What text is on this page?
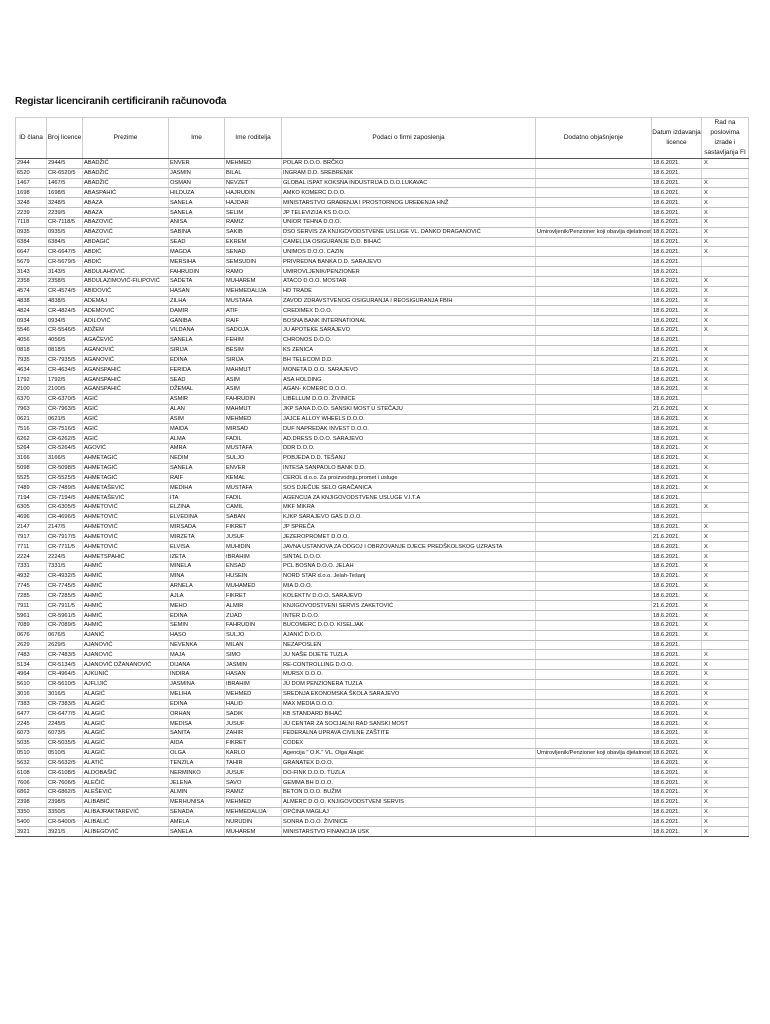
Registar licenciranih certificiranih računovođa
ID člana	Broj licence	Prezime	Ime	Ime roditelja	Podaci o firmi zaposlenja	Dodatno objašnjenje	Datum izdavanja licence	Rad na poslovima izrade i sastavljanja FI
2944	2944/5	ABADŽIĆ	ENVER	MEHMED	POLAR D.O.O. BRČKO		18.6.2021.	X
6520	CR-6520/5	ABADŽIĆ	JASMIN	BILAL	INGRAM D.D. SREBRENIK		18.6.2021.	
1467	1467/5	ABADŽIĆ	OSMAN	NEVZET	GLOBAL ISPAT KOKSNA INDUSTRIJA D.O.O.LUKAVAC		18.6.2021.	X
1698	1698/5	ABASPAHIĆ	HILDUZA	HAJRUDIN	AMKO KOMERC D.O.O.		18.6.2021.	X
3248	3248/5	ABAZA	SANELA	HAJDAR	MINISTARSTVO GRAĐENJA I PROSTORNOG UREĐENJA HNŽ		18.6.2021.	X
2239	2239/5	ABAZA	SANELA	SELIM	JP TELEVIZIJA KS D.O.O.		18.6.2021.	X
7118	CR-7118/5	ABAZOVIĆ	ANISA	RAMIZ	UNIOR TEHNA D.O.O.		18.6.2021.	X
0935	0935/5	ABAZOVIĆ	SABINA	SAKIB	DSO SERVIS ZA KNJIGOVODSTVENE USLUGE VL. DANKO DRAGANOVIĆ	Umirovljenik/Penzioner koji obavlja djelatnost	18.6.2021.	X
6384	6384/5	ABDAGIĆ	SEAD	EKREM	CAMELIJA OSIGURANJE D.D. BIHAĆ		18.6.2021.	X
6647	CR-6647/5	ABDIĆ	MAGDA	SENAD	UNIMOS D.O.O. CAZIN		18.6.2021.	X
5679	CR-5679/5	ABDIĆ	MERSIHA	SEMSUDIN	PRIVREDNA BANKA D.D. SARAJEVO		18.6.2021.	
3143	3143/5	ABDULAHOVIĆ	FAHRUDIN	RAMO	UMIROVLJENIK/PENZIONER		18.6.2021.	
2358	2358/5	ABDULAZIMOVIĆ-FILIPOVIĆ	SADETA	MUHAREM	ATACO D.O.O. MOSTAR		18.6.2021.	X
4574	CR-4574/5	ABIDOVIĆ	HASAN	MEHMEDALIJA	HD TRADE		18.6.2021.	X
4838	4838/5	ADEMAJ	ZILHA	MUSTAFA	ZAVOD ZDRAVSTVENOG OSIGURANJA I REOSIGURANJA FBIH		18.6.2021.	X
4824	CR-4824/5	ADEMOVIĆ	DAMIR	ATIF	CREDIMEX D.O.O.		18.6.2021.	X
0934	0934/5	ADILOVIĆ	GANIBA	RAIF	BOSNA BANK INTERNATIONAL		18.6.2021.	X
5546	CR-5546/5	ADŽEM	VILDANA	SADOJA	JU APOTEKE SARAJEVO		18.6.2021.	X
4056	4056/5	AGAČEVIĆ	SANELA	FEHIM	CHRONOS D.O.O.		18.6.2021.	
0818	0818/5	AGANOVIĆ	SIRIJA	BESIM	KS ZENICA		18.6.2021.	X
7935	CR-7935/5	AGANOVIĆ	EDINA	SIRIJA	BH TELECOM D.D.		21.6.2021.	X
4634	CR-4634/5	AGANSPAHIĆ	FERIDA	MAHMUT	MONETA D.O.O. SARAJEVO		18.6.2021.	X
1792	1792/5	AGANSPAHIĆ	SEAD	ASIM	ASA HOLDING		18.6.2021.	X
2100	2100/5	AGANSPAHIĆ	DŽEMAL	ASIM	AGAN- KOMERC D.O.O.		18.6.2021.	X
6370	CR-6370/5	AGIĆ	ASMIR	FAHRUDIN	LIBELLUM D.O.O. ŽIVINICE		18.6.2021.	
7963	CR-7963/5	AGIĆ	ALAN	MAHMUT	JKP SANA D.O.O. SANSKI MOST U STEČAJU		21.6.2021.	X
0621	0621/5	AGIĆ	ASIM	MEHMED	JAJCE ALLOY WHEELS D.O.O.		18.6.2021.	X
7516	CR-7516/5	AGIĆ	MAIDA	MIRSAD	DUF NAPREDAK INVEST D.O.O.		18.6.2021.	X
6262	CR-6262/5	AGIĆ	ALMA	FADIL	AD.DRESS D.O.O. SARAJEVO		18.6.2021.	X
5264	CR-5264/5	AGOVIĆ	AMRA	MUSTAFA	DDR D.O.O.		18.6.2021.	X
3166	3166/5	AHMETAGIĆ	NEDIM	SULJO	POBJEDA D.D. TEŠANJ		18.6.2021.	X
5098	CR-5098/5	AHMETAGIĆ	SANELA	ENVER	INTESA SANPAOLO BANK D.D.		18.6.2021.	X
5525	CR-5525/5	AHMETAGIĆ	RAIF	KEMAL	CEROL d.o.o. Za proizvodnju,promet i usluge		18.6.2021.	X
7489	CR-7489/5	AHMETAŠEVIĆ	MEDIHA	MUSTAFA	SOS DJEČIJE SELO GRAČANICA		18.6.2021.	X
7194	CR-7194/5	AHMETAŠEVIĆ	ITA	FADIL	AGENCIJA ZA KNJIGOVODSTVENE USLUGE V.I.T.A		18.6.2021.	
6305	CR-6305/5	AHMETOVIĆ	ELZINA	CAMIL	MKF MIKRA		18.6.2021.	X
4696	CR-4696/5	AHMETOVIĆ	ELVEDINA	SABAN	KJKP SARAJEVO GAS D.O.O.		18.6.2021.	
2147	2147/5	AHMETOVIĆ	MIRSADA	FIKRET	JP SPREČA		18.6.2021.	X
7917	CR-7917/5	AHMETOVIĆ	MIRZETA	JUSUF	JEZEROPROMET D.O.O.		21.6.2021.	X
7711	CR-7711/5	AHMETOVIĆ	ELVISA	MUHIDIN	JAVNA USTANOVA ZA ODGOJ I OBRZOVANJE DJECE PREDŠKOLSKOG UZRASTA		18.6.2021.	X
2224	2224/5	AHMETSPAHIĆ	IZETA	IBRAHIM	SINTAL D.O.O.		18.6.2021.	X
7331	7331/5	AHMIĆ	MINELA	ENSAD	PCL BOSNA D.O.O. JELAH		18.6.2021.	X
4932	CR-4932/5	AHMIĆ	MINA	HUSEIN	NORD STAR d.o.o. Jelah-Tešanj		18.6.2021.	X
7745	CR-7745/5	AHMIĆ	ARNELA	MUHAMED	MIA D.O.O.		18.6.2021.	X
7285	CR-7285/5	AHMIĆ	AJLA	FIKRET	KOLEKTIV D.O.O. SARAJEVO		18.6.2021.	X
7911	CR-7911/5	AHMIĆ	MEHO	ALMIR	KNJIGOVODSTVENI SERVIS ZAKETOVIĆ		21.6.2021.	X
5961	CR-5961/5	AHMIĆ	EDINA	ZIJAD	INTER D.O.O.		18.6.2021.	X
7089	CR-7089/5	AHMIĆ	SEMIN	FAHRUDIN	BUCOMERC D.O.O. KISELJAK		18.6.2021.	X
0676	0676/5	AJANIĆ	HASO	SULJO	AJANIĆ D.O.O.		18.6.2021.	X
2629	2629/5	AJANOVIĆ	NEVENKA	MILAN	NEZAPOSLEN		18.6.2021.	
7483	CR-7483/5	AJANOVIĆ	MAJA	SIMO	JU NAŠE DIJETE TUZLA		18.6.2021.	X
5134	CR-5134/5	AJANOVIĆ DŽANANOVIĆ	DIJANA	JASMIN	RE-CONTROLLING D.O.O.		18.6.2021.	X
4964	CR-4964/5	AJKUNIĆ	INDIRA	HASAN	MURSX D.O.O.		18.6.2021.	X
5610	CR-5610/5	AJFLIJIĆ	JASMINA	IBRAHIM	JU DOM PENZIONERA TUZLA		18.6.2021.	X
3016	3016/5	ALAGIĆ	MELIHA	MEHMED	SREDNJA EKONOMSKA ŠKOLA SARAJEVO		18.6.2021.	X
7383	CR-7383/5	ALAGIĆ	EDINA	HALID	MAX MEDIA D.O.O.		18.6.2021.	X
6477	CR-6477/5	ALAGIĆ	ORHAN	SADIK	KB STANDARD BIHAĆ		18.6.2021.	X
2245	2245/5	ALAGIĆ	MEDISA	JUSUF	JU CENTAR ZA SOCIJALNI RAD SANSKI MOST		18.6.2021.	X
6073	6073/5	ALAGIĆ	SANITA	ZAHIR	FEDERALNA UPRAVA CIVILNE ZAŠTITE		18.6.2021.	X
5035	CR-5035/5	ALAGIĆ	AIDA	FIKRET	CODEX		18.6.2021.	X
0510	0510/5	ALAGIĆ	OLGA	KARLO	Agencija " O.K." VL. Olga Alagić	Umirovljenik/Penzioner koji obavlja djelatnost	18.6.2021.	X
5632	CR-5632/5	ALATIĆ	TENZILA	TAHIR	GRANATEX D.O.O.		18.6.2021.	X
6108	CR-6108/5	ALDOBAŠIĆ	NERMINKO	JUSUF	DO-FINK D.O.O. TUZLA		18.6.2021.	X
7606	CR-7606/5	ALEČIĆ	JELENA	SAVO	GEMMA BH D.O.O.		18.6.2021.	X
6862	CR-6862/5	ALEŠEVIĆ	ALMIN	RAMIZ	BETON D.O.O. BUŽIM		18.6.2021.	X
2398	2398/5	ALIBABIĆ	MERHUNISA	MEHMED	ALMERC D.O.O. KNJIGOVODSTVENI SERVIS		18.6.2021.	X
3350	3350/5	ALIBAJRAKTAREVIĆ	SENADA	MEHMEDALIJA	OPĆINA MAGLAJ		18.6.2021.	X
5400	CR-5400/5	ALIBALIĆ	AMELA	NURUDIN	SONRA D.O.O. ŽIVINICE		18.6.2021.	X
3921	3921/5	ALIBEGOVIĆ	SANELA	MUHAREM	MINISTARSTVO FINANCIJA USK		18.6.2021.	X
